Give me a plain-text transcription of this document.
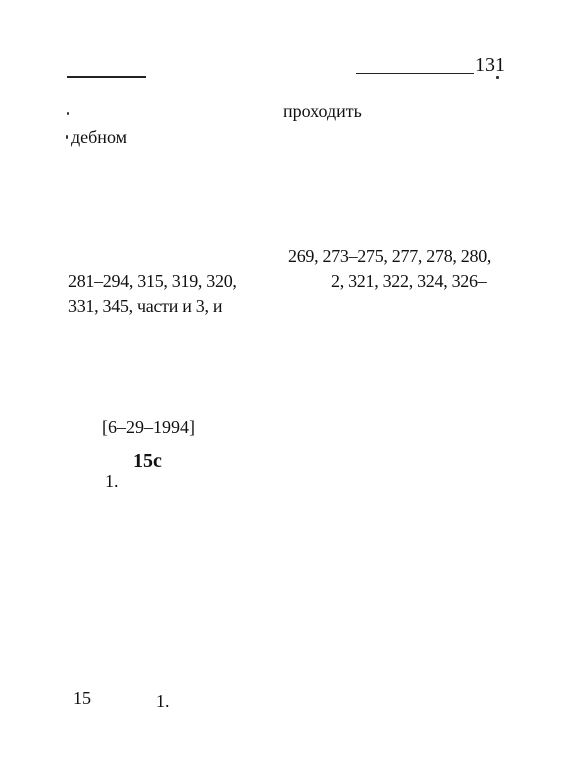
131
проходить
дебном
269, 273–275, 277, 278, 280,
281–294, 315, 319, 320,	2, 321, 322, 324, 326–
331, 345, части и 3, и
[6–29–1994]
15с
1.
15	1.
